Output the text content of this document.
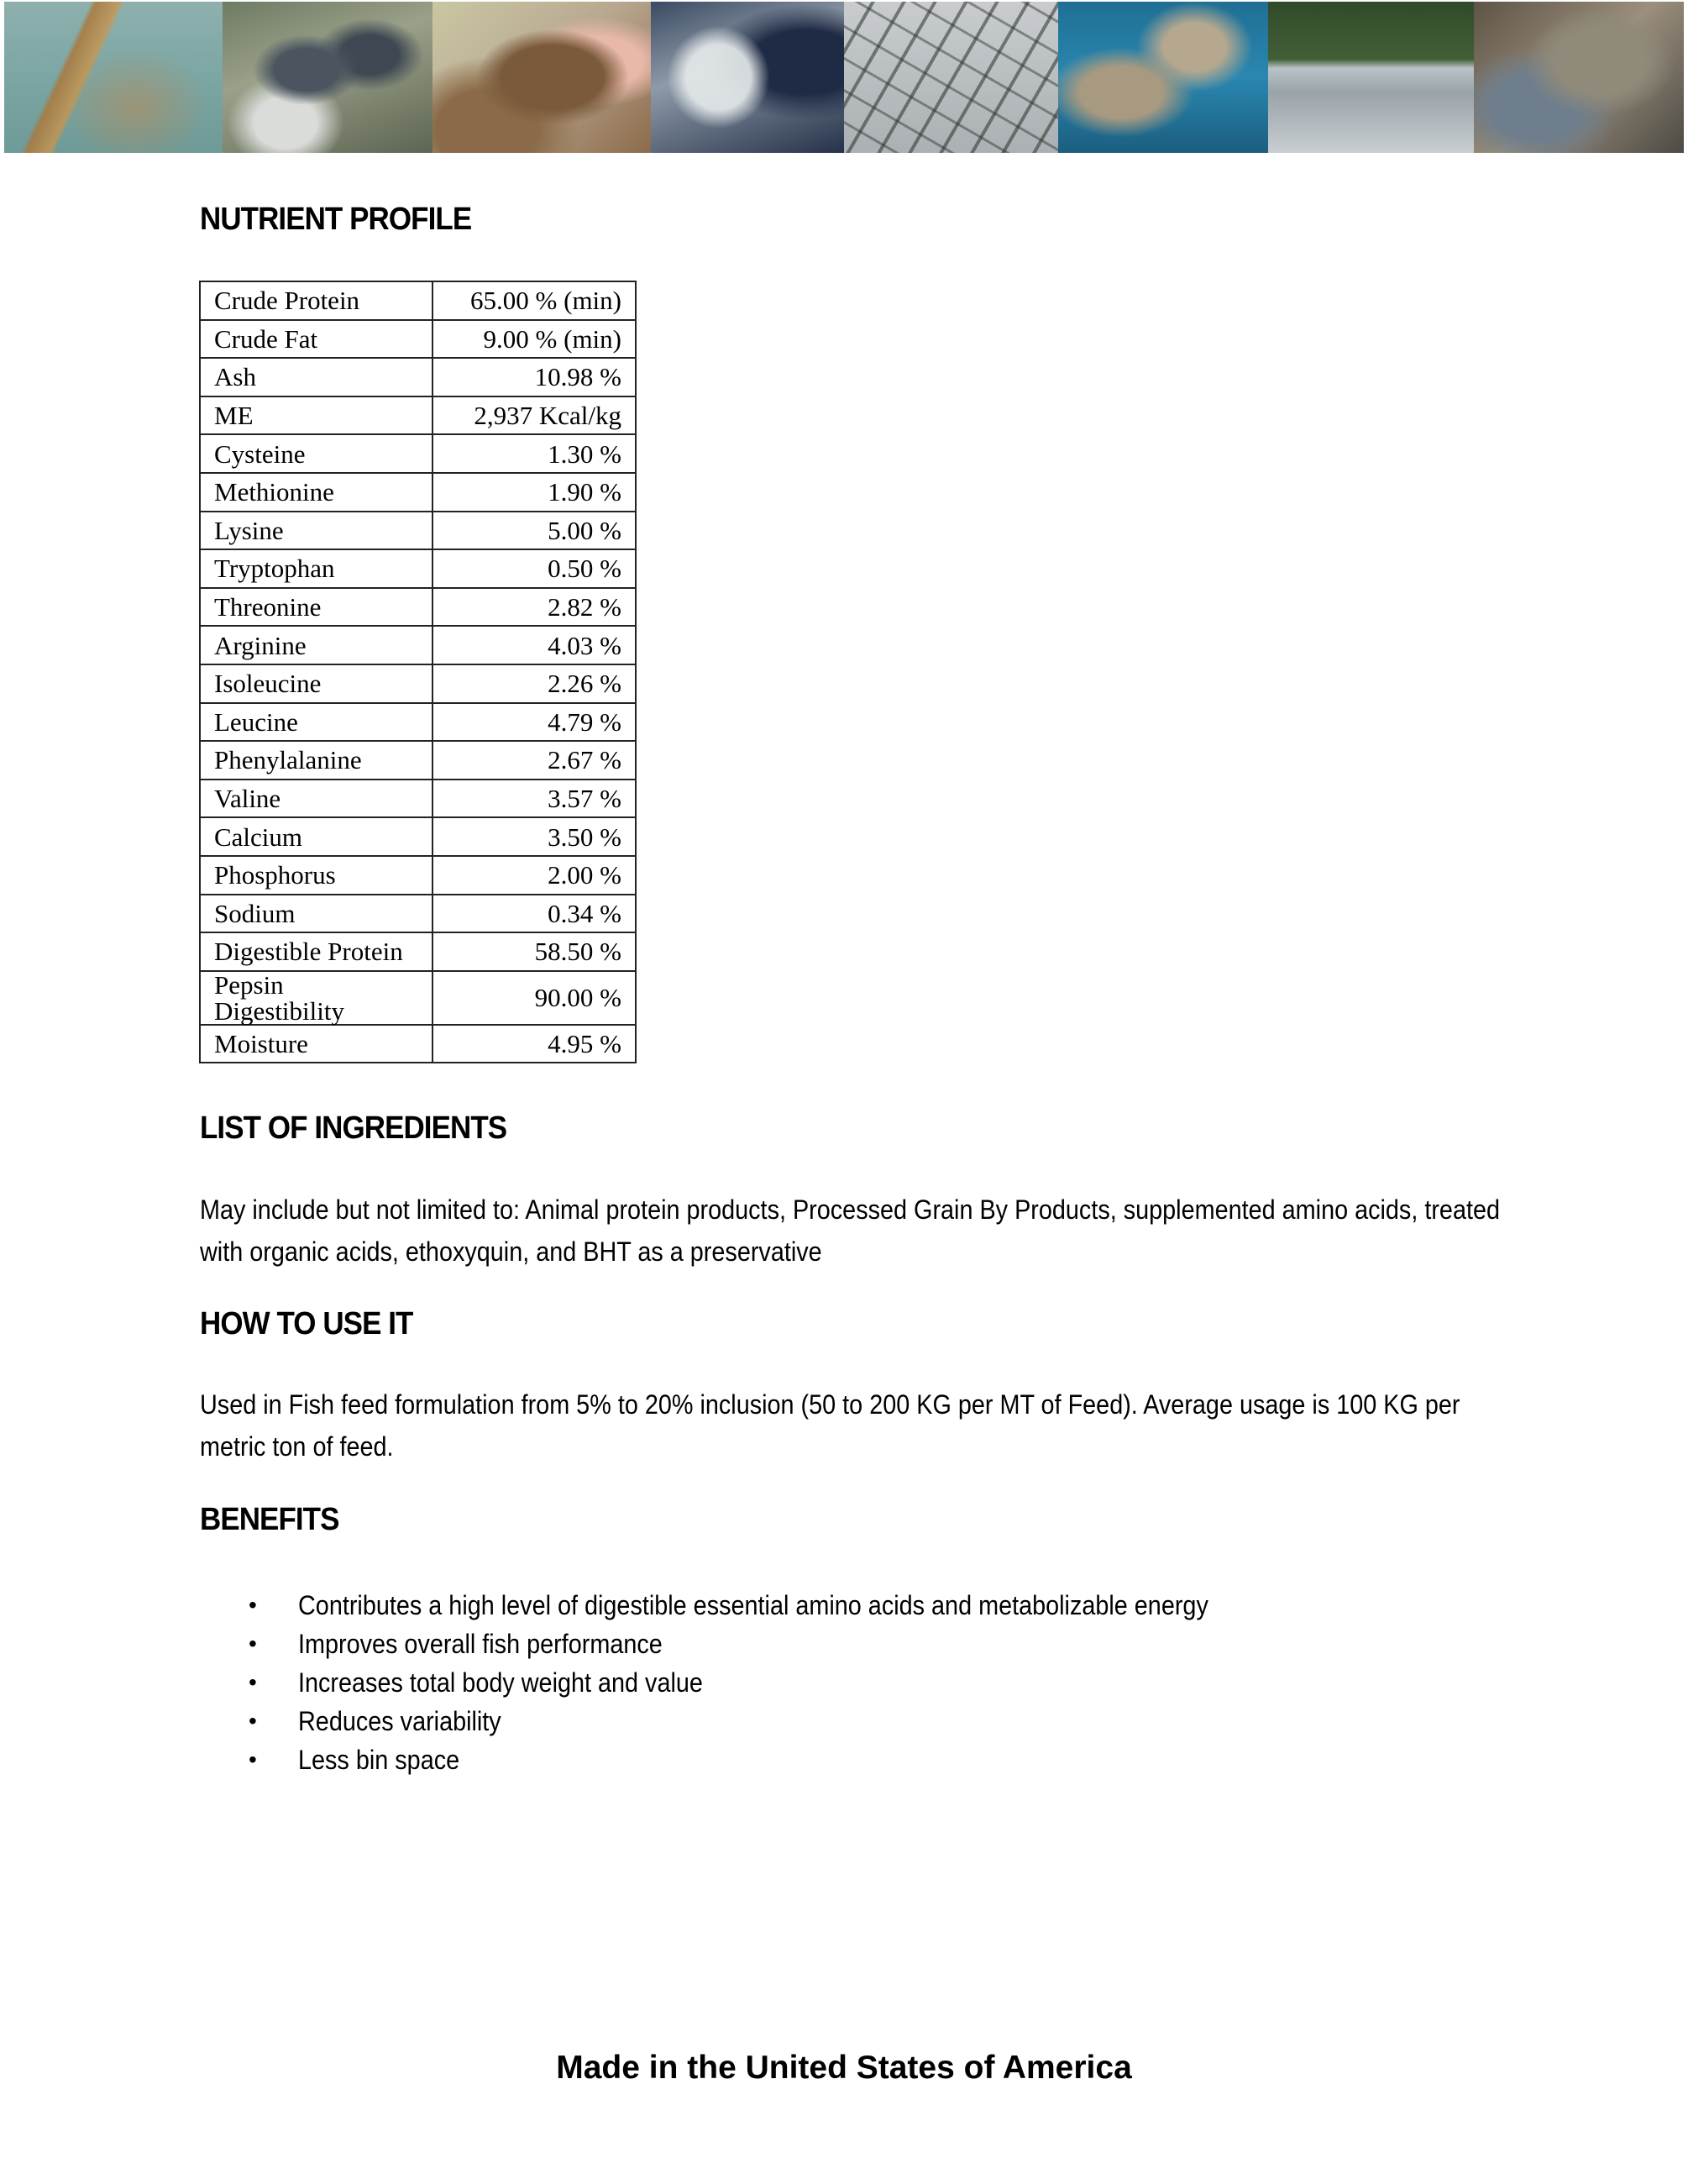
NUTRIENT PROFILE
Crude Protein	65.00 % (min)
Crude Fat	9.00 % (min)
Ash	10.98 %
ME	2,937 Kcal/kg
Cysteine	1.30 %
Methionine	1.90 %
Lysine	5.00 %
Tryptophan	0.50 %
Threonine	2.82 %
Arginine	4.03 %
Isoleucine	2.26 %
Leucine	4.79 %
Phenylalanine	2.67 %
Valine	3.57 %
Calcium	3.50 %
Phosphorus	2.00 %
Sodium	0.34 %
Digestible Protein	58.50 %
Pepsin Digestibility	90.00 %
Moisture	4.95 %
LIST OF INGREDIENTS

May include but not limited to: Animal protein products, Processed Grain By Products, supplemented amino acids, treated with organic acids, ethoxyquin, and BHT as a preservative

HOW TO USE IT

Used in Fish feed formulation from 5% to 20% inclusion (50 to 200 KG per MT of Feed). Average usage is 100 KG per metric ton of feed.

BENEFITS
•	Contributes a high level of digestible essential amino acids and metabolizable energy
•	Improves overall fish performance
•	Increases total body weight and value
•	Reduces variability
•	Less bin space

Made in the United States of America
